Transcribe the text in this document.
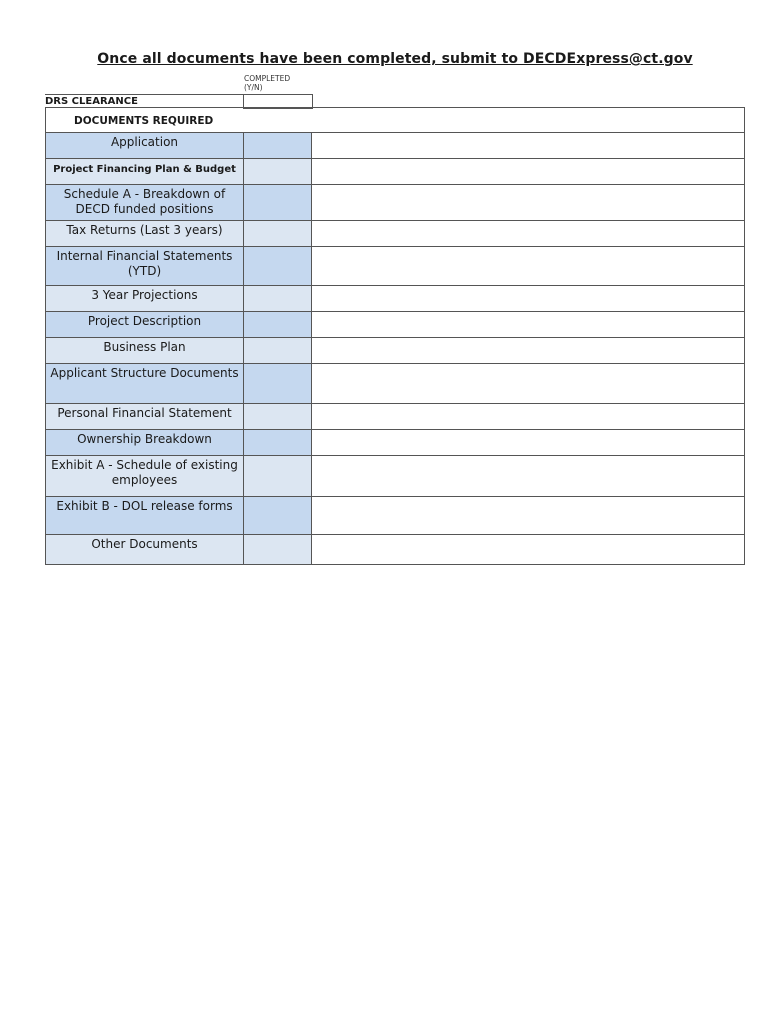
Once all documents have been completed, submit to DECDExpress@ct.gov
COMPLETED (Y/N)
DRS CLEARANCE
DOCUMENTS REQUIRED
Application
Project Financing Plan & Budget
Schedule A - Breakdown of DECD funded positions
Tax Returns (Last 3 years)
Internal Financial Statements (YTD)
3 Year Projections
Project Description
Business Plan
Applicant Structure Documents
Personal Financial Statement
Ownership Breakdown
Exhibit A - Schedule of existing employees
Exhibit B - DOL release forms
Other Documents
